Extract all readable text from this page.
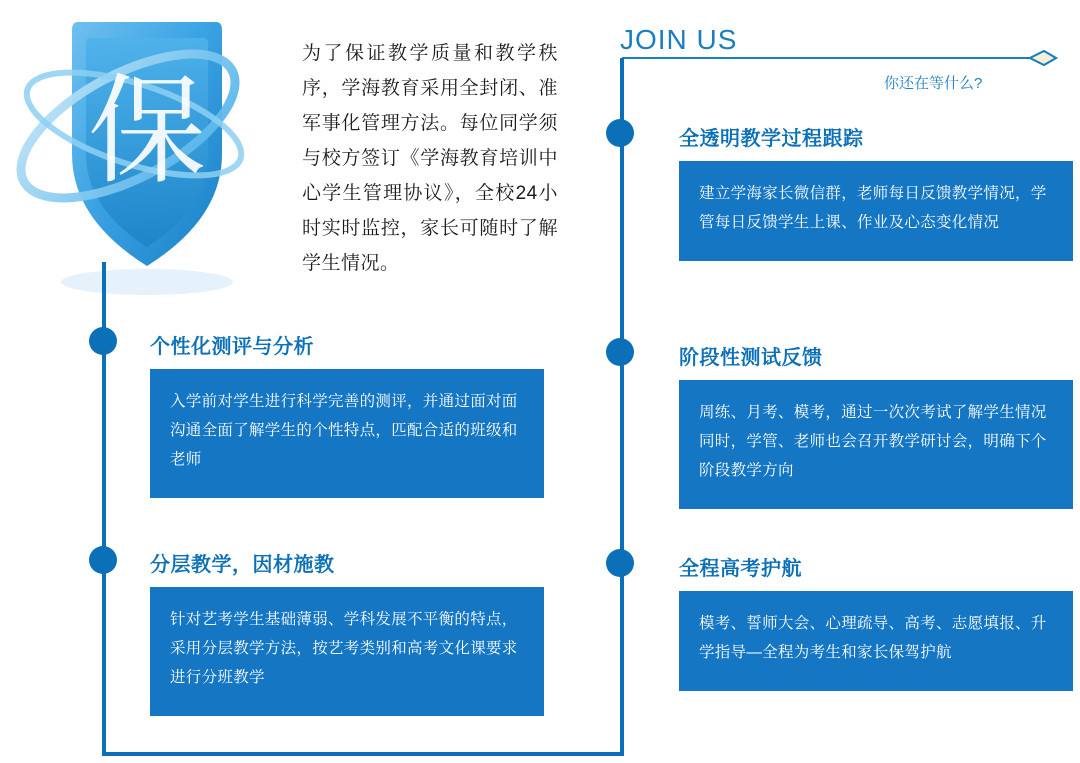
保
为了保证教学质量和教学秩序，学海教育采用全封闭、准军事化管理方法。每位同学须与校方签订《学海教育培训中心学生管理协议》，全校24小时实时监控，家长可随时了解学生情况。
JOIN US
你还在等什么?
个性化测评与分析
入学前对学生进行科学完善的测评，并通过面对面沟通全面了解学生的个性特点，匹配合适的班级和老师
分层教学，因材施教
针对艺考学生基础薄弱、学科发展不平衡的特点，采用分层教学方法，按艺考类别和高考文化课要求进行分班教学
全透明教学过程跟踪
建立学海家长微信群，老师每日反馈教学情况，学管每日反馈学生上课、作业及心态变化情况
阶段性测试反馈
周练、月考、模考，通过一次次考试了解学生情况同时，学管、老师也会召开教学研讨会，明确下个阶段教学方向
全程高考护航
模考、誓师大会、心理疏导、高考、志愿填报、升学指导—全程为考生和家长保驾护航
